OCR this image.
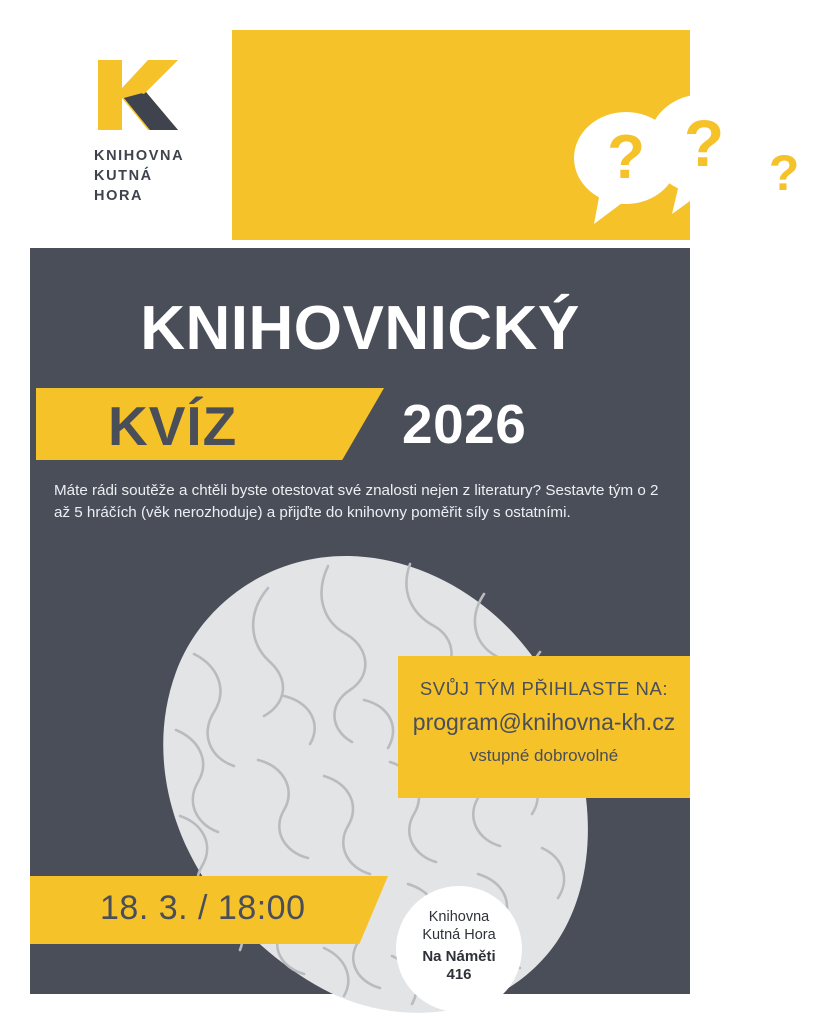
? ?
?
KNIHOVNA
KUTNÁ
HORA
KNIHOVNICKÝ
KVÍZ	2026
Máte rádi soutěže a chtěli byste otestovat své znalosti nejen z literatury? Sestavte tým o 2 až 5 hráčích (věk nerozhoduje) a přijďte do knihovny poměřit síly s ostatními.
SVŮJ TÝM PŘIHLASTE NA:
program@knihovna-kh.cz
vstupné dobrovolné
18. 3. / 18:00	Knihovna
Kutná Hora
Na Náměti
416
